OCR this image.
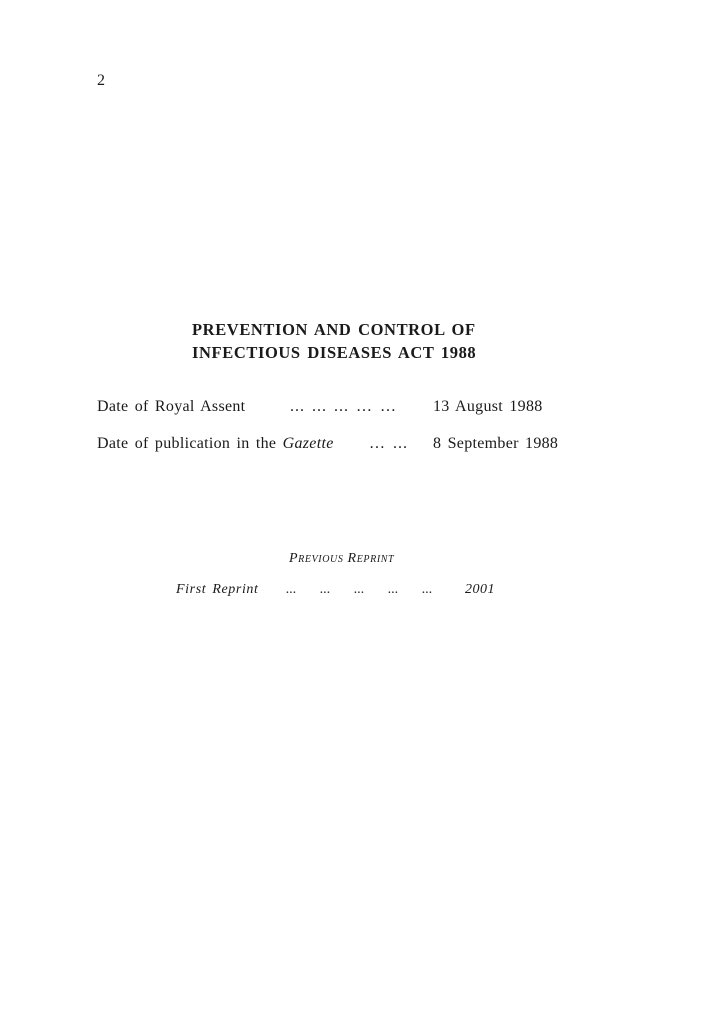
2
PREVENTION AND CONTROL OF
INFECTIOUS DISEASES ACT 1988
Date of Royal Assent	... ... ... … … 13 August 1988
Date of publication in the Gazette … ... 8 September 1988
Previous Reprint
First Reprint ... ... ... ... ... 2001
